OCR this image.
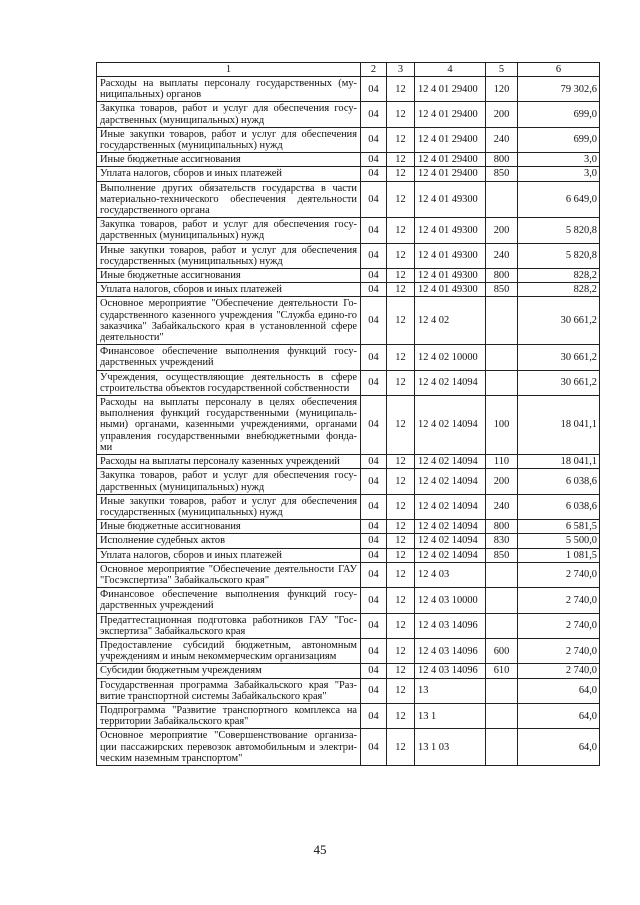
1	2	3	4	5	6
Расходы на выплаты персоналу государственных (му-ниципальных) органов	04	12	12 4 01 29400	120	79 302,6
Закупка товаров, работ и услуг для обеспечения госу-дарственных (муниципальных) нужд	04	12	12 4 01 29400	200	699,0
Иные закупки товаров, работ и услуг для обеспечения государственных (муниципальных) нужд	04	12	12 4 01 29400	240	699,0
Иные бюджетные ассигнования	04	12	12 4 01 29400	800	3,0
Уплата налогов, сборов и иных платежей	04	12	12 4 01 29400	850	3,0
Выполнение других обязательств государства в части материально-технического обеспечения деятельности государственного органа	04	12	12 4 01 49300		6 649,0
Закупка товаров, работ и услуг для обеспечения госу-дарственных (муниципальных) нужд	04	12	12 4 01 49300	200	5 820,8
Иные закупки товаров, работ и услуг для обеспечения государственных (муниципальных) нужд	04	12	12 4 01 49300	240	5 820,8
Иные бюджетные ассигнования	04	12	12 4 01 49300	800	828,2
Уплата налогов, сборов и иных платежей	04	12	12 4 01 49300	850	828,2
Основное мероприятие "Обеспечение деятельности Го-сударственного казенного учреждения "Служба едино-го заказчика" Забайкальского края в установленной сфере деятельности"	04	12	12 4 02		30 661,2
Финансовое обеспечение выполнения функций госу-дарственных учреждений	04	12	12 4 02 10000		30 661,2
Учреждения, осуществляющие деятельность в сфере строительства объектов государственной собственности	04	12	12 4 02 14094		30 661,2
Расходы на выплаты персоналу в целях обеспечения выполнения функций государственными (муниципаль-ными) органами, казенными учреждениями, органами управления государственными внебюджетными фонда-ми	04	12	12 4 02 14094	100	18 041,1
Расходы на выплаты персоналу казенных учреждений	04	12	12 4 02 14094	110	18 041,1
Закупка товаров, работ и услуг для обеспечения госу-дарственных (муниципальных) нужд	04	12	12 4 02 14094	200	6 038,6
Иные закупки товаров, работ и услуг для обеспечения государственных (муниципальных) нужд	04	12	12 4 02 14094	240	6 038,6
Иные бюджетные ассигнования	04	12	12 4 02 14094	800	6 581,5
Исполнение судебных актов	04	12	12 4 02 14094	830	5 500,0
Уплата налогов, сборов и иных платежей	04	12	12 4 02 14094	850	1 081,5
Основное мероприятие "Обеспечение деятельности ГАУ "Госэкспертиза" Забайкальского края"	04	12	12 4 03		2 740,0
Финансовое обеспечение выполнения функций госу-дарственных учреждений	04	12	12 4 03 10000		2 740,0
Предаттестационная подготовка работников ГАУ "Гос-экспертиза" Забайкальского края	04	12	12 4 03 14096		2 740,0
Предоставление субсидий бюджетным, автономным учреждениям и иным некоммерческим организациям	04	12	12 4 03 14096	600	2 740,0
Субсидии бюджетным учреждениям	04	12	12 4 03 14096	610	2 740,0
Государственная программа Забайкальского края "Раз-витие транспортной системы Забайкальского края"	04	12	13		64,0
Подпрограмма "Развитие транспортного комплекса на территории Забайкальского края"	04	12	13 1		64,0
Основное мероприятие "Совершенствование организа-ции пассажирских перевозок автомобильным и электри-ческим наземным транспортом"	04	12	13 1 03		64,0
45
